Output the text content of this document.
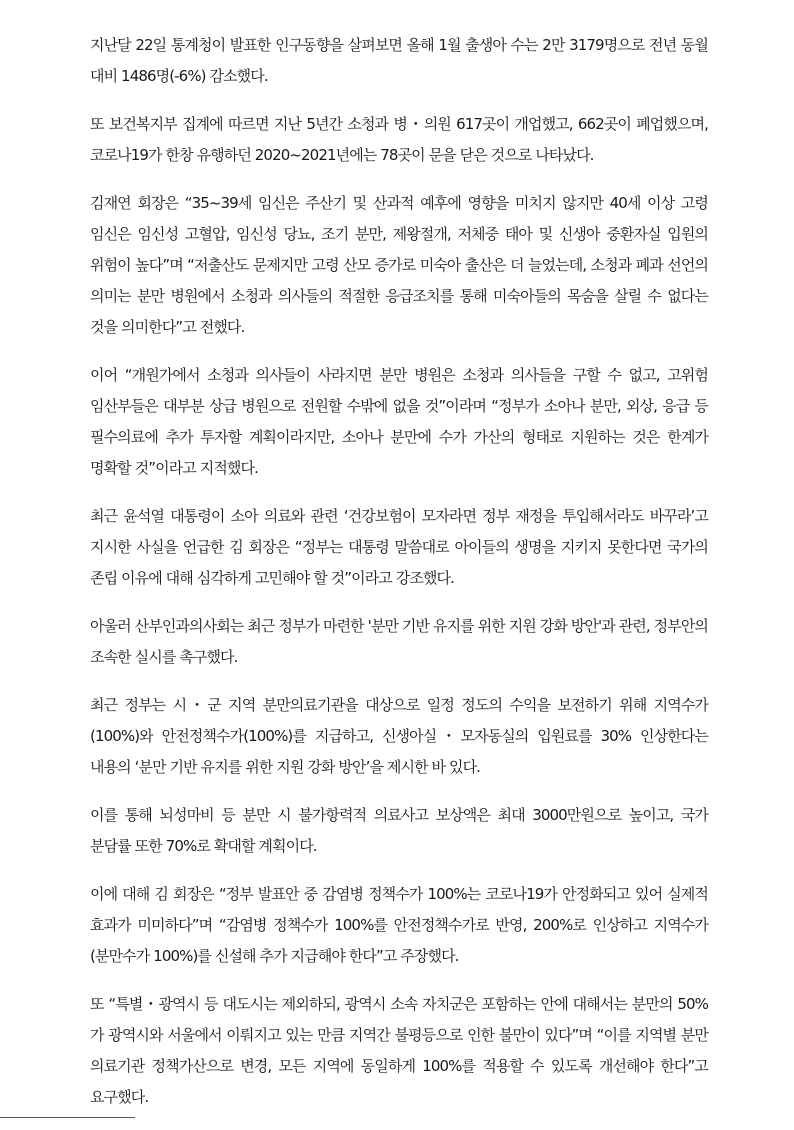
지난달 22일 통계청이 발표한 인구동향을 살펴보면 올해 1월 출생아 수는 2만 3179명으로 전년 동월 대비 1486명(-6%) 감소했다.

또 보건복지부 집계에 따르면 지난 5년간 소청과 병・의원 617곳이 개업했고, 662곳이 폐업했으며, 코로나19가 한창 유행하던 2020~2021년에는 78곳이 문을 닫은 것으로 나타났다.

김재연 회장은 “35~39세 임신은 주산기 및 산과적 예후에 영향을 미치지 않지만 40세 이상 고령 임신은 임신성 고혈압, 임신성 당뇨, 조기 분만, 제왕절개, 저체중 태아 및 신생아 중환자실 입원의 위험이 높다”며 “저출산도 문제지만 고령 산모 증가로 미숙아 출산은 더 늘었는데, 소청과 폐과 선언의 의미는 분만 병원에서 소청과 의사들의 적절한 응급조치를 통해 미숙아들의 목숨을 살릴 수 없다는 것을 의미한다”고 전했다.

이어 “개원가에서 소청과 의사들이 사라지면 분만 병원은 소청과 의사들을 구할 수 없고, 고위험 임산부들은 대부분 상급 병원으로 전원할 수밖에 없을 것”이라며 “정부가 소아나 분만, 외상, 응급 등 필수의료에 추가 투자할 계획이라지만, 소아나 분만에 수가 가산의 형태로 지원하는 것은 한계가 명확할 것”이라고 지적했다.

최근 윤석열 대통령이 소아 의료와 관련 ‘건강보험이 모자라면 정부 재정을 투입해서라도 바꾸라’고 지시한 사실을 언급한 김 회장은 “정부는 대통령 말씀대로 아이들의 생명을 지키지 못한다면 국가의 존립 이유에 대해 심각하게 고민해야 할 것”이라고 강조했다.

아울러 산부인과의사회는 최근 정부가 마련한 '분만 기반 유지를 위한 지원 강화 방안'과 관련, 정부안의 조속한 실시를 촉구했다.

최근 정부는 시・군 지역 분만의료기관을 대상으로 일정 정도의 수익을 보전하기 위해 지역수가(100%)와 안전정책수가(100%)를 지급하고, 신생아실・모자동실의 입원료를 30% 인상한다는 내용의 ‘분만 기반 유지를 위한 지원 강화 방안’을 제시한 바 있다.

이를 통해 뇌성마비 등 분만 시 불가항력적 의료사고 보상액은 최대 3000만원으로 높이고, 국가 분담률 또한 70%로 확대할 계획이다.

이에 대해 김 회장은 “정부 발표안 중 감염병 정책수가 100%는 코로나19가 안정화되고 있어 실제적 효과가 미미하다”며 “감염병 정책수가 100%를 안전정책수가로 반영, 200%로 인상하고 지역수가(분만수가 100%)를 신설해 추가 지급해야 한다”고 주장했다.

또 “특별・광역시 등 대도시는 제외하되, 광역시 소속 자치군은 포함하는 안에 대해서는 분만의 50%가 광역시와 서울에서 이뤄지고 있는 만큼 지역간 불평등으로 인한 불만이 있다”며 “이를 지역별 분만 의료기관 정책가산으로 변경, 모든 지역에 동일하게 100%를 적용할 수 있도록 개선해야 한다”고 요구했다.
